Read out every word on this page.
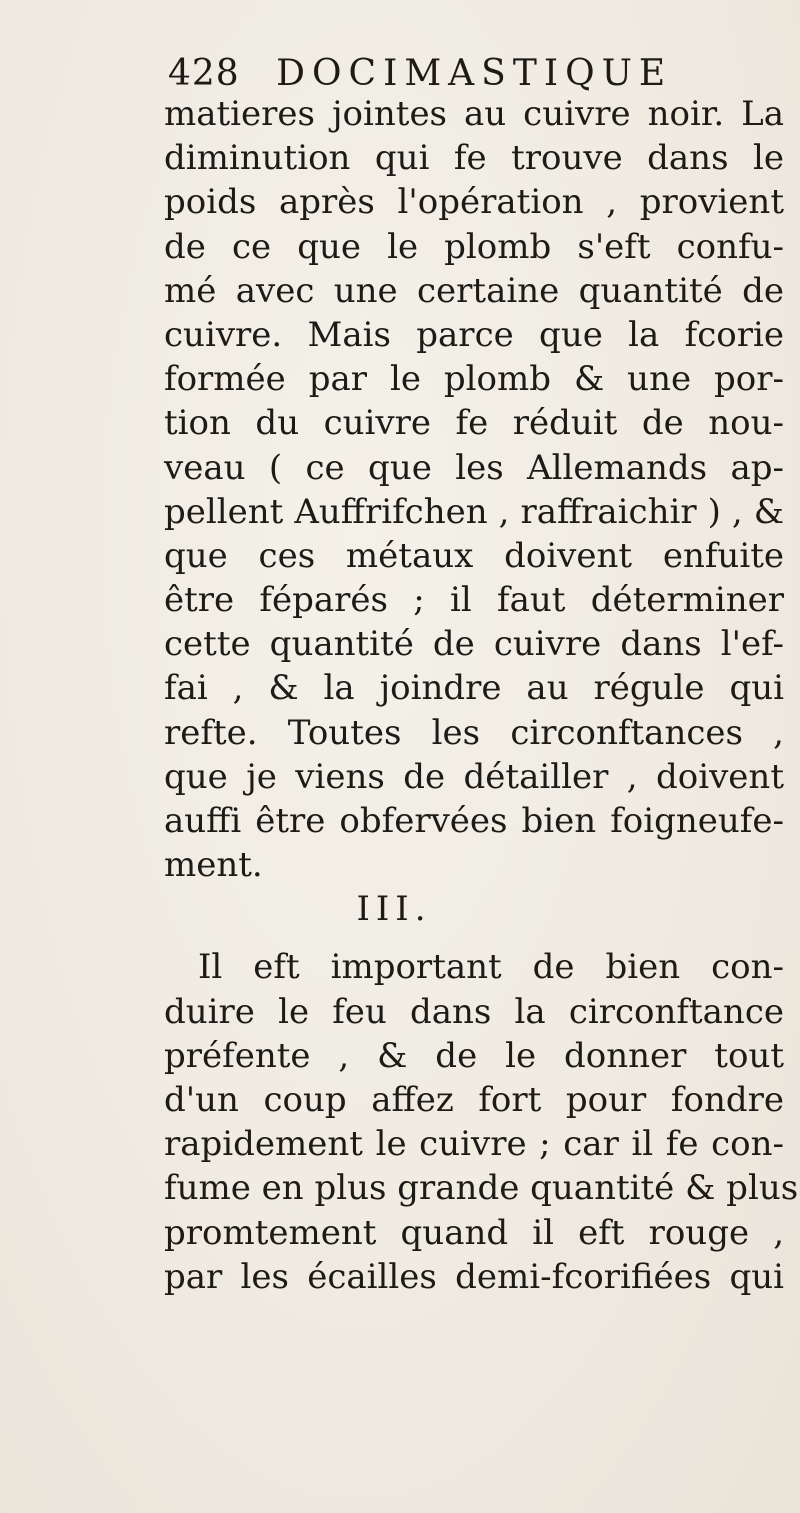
428 DOCIMASTIQUE
matieres jointes au cuivre noir. La
diminution qui fe trouve dans le
poids après l'opération , provient
de ce que le plomb s'eft confu-
mé avec une certaine quantité de
cuivre. Mais parce que la fcorie
formée par le plomb & une por-
tion du cuivre fe réduit de nou-
veau ( ce que les Allemands ap-
pellent Auffrifchen , raffraichir ) , &
que ces métaux doivent enfuite
être féparés ; il faut déterminer
cette quantité de cuivre dans l'ef-
fai , & la joindre au régule qui
refte. Toutes les circonftances ,
que je viens de détailler , doivent
auffi être obfervées bien foigneufe-
ment.
III.
Il eft important de bien con-
duire le feu dans la circonftance
préfente , & de le donner tout
d'un coup affez fort pour fondre
rapidement le cuivre ; car il fe con-
fume en plus grande quantité & plus
promtement quand il eft rouge ,
par les écailles demi-fcorifiées qui
